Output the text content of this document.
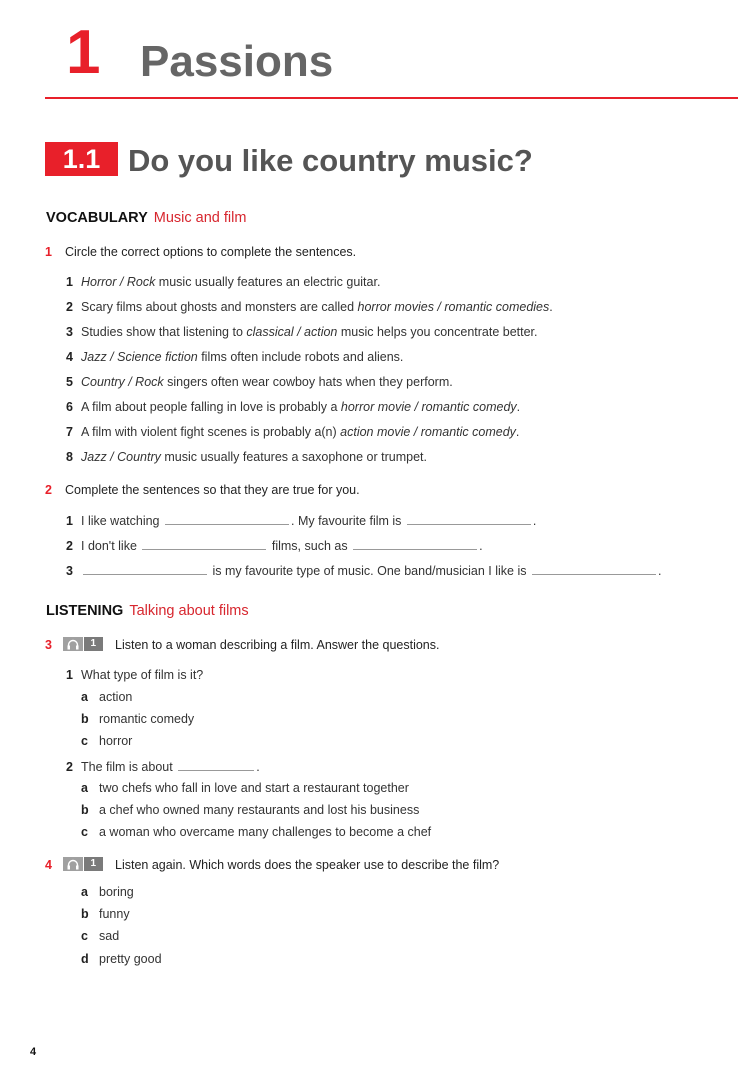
1 Passions
1.1 Do you like country music?
VOCABULARY Music and film
1 Circle the correct options to complete the sentences.
1 Horror / Rock music usually features an electric guitar.
2 Scary films about ghosts and monsters are called horror movies / romantic comedies.
3 Studies show that listening to classical / action music helps you concentrate better.
4 Jazz / Science fiction films often include robots and aliens.
5 Country / Rock singers often wear cowboy hats when they perform.
6 A film about people falling in love is probably a horror movie / romantic comedy.
7 A film with violent fight scenes is probably a(n) action movie / romantic comedy.
8 Jazz / Country music usually features a saxophone or trumpet.
2 Complete the sentences so that they are true for you.
1 I like watching	. My favourite film is	.
2 I don't like	films, such as	.
3	is my favourite type of music. One band/musician I like is	.
LISTENING Talking about films
3	1	Listen to a woman describing a film. Answer the questions.
1 What type of film is it?
a action
b romantic comedy
c horror
2 The film is about	.
a two chefs who fall in love and start a restaurant together
b a chef who owned many restaurants and lost his business
c a woman who overcame many challenges to become a chef
4	1	Listen again. Which words does the speaker use to describe the film?
a boring
b funny
c sad
d pretty good
4
